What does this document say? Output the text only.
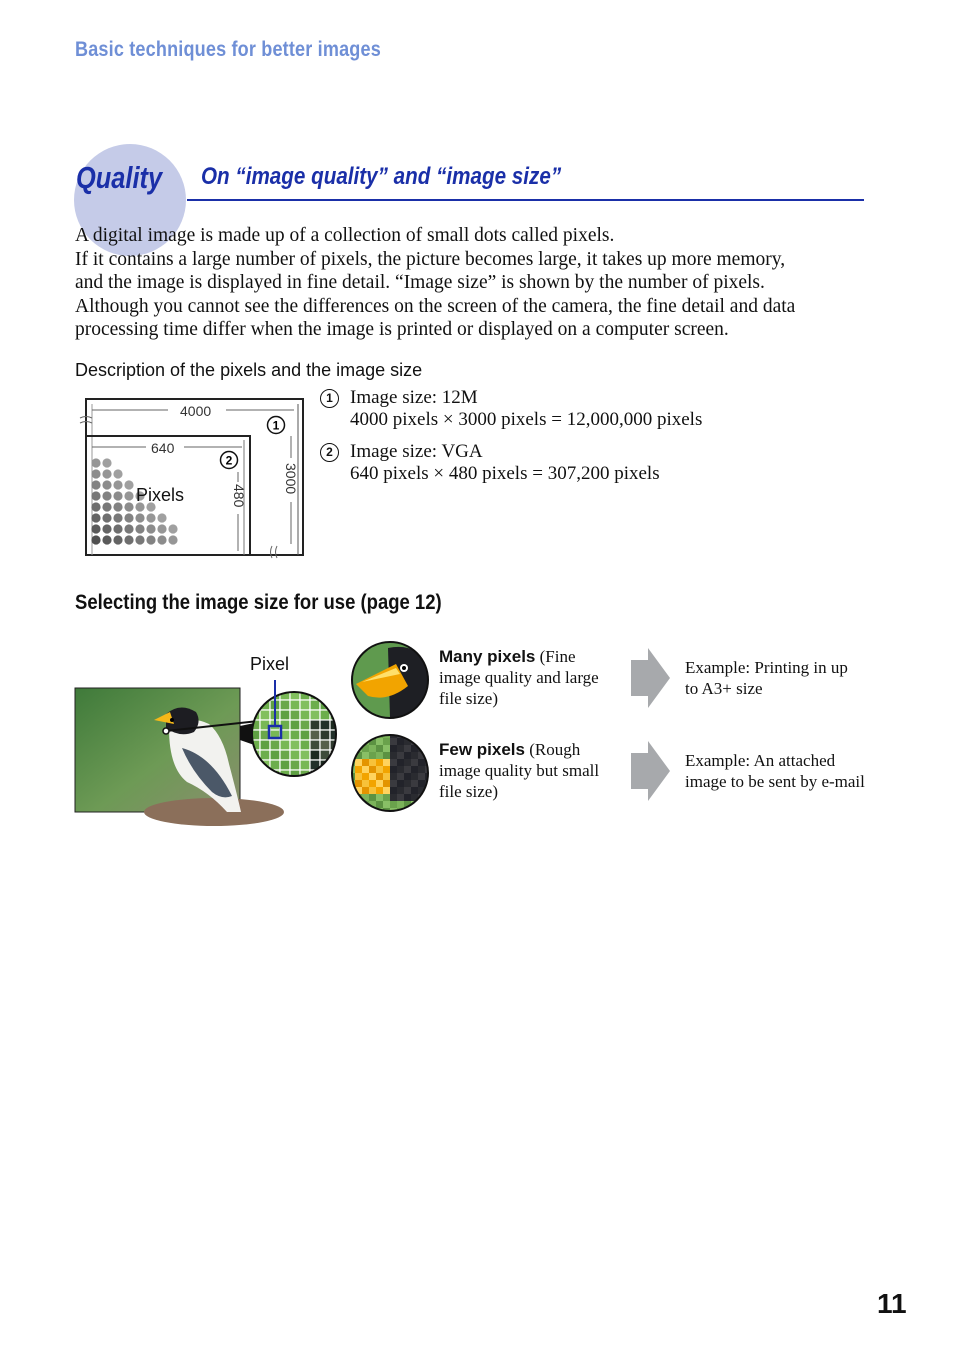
Basic techniques for better images
Quality On “image quality” and “image size”

A digital image is made up of a collection of small dots called pixels.

If it contains a large number of pixels, the picture becomes large, it takes up more memory,

and the image is displayed in fine detail. “Image size” is shown by the number of pixels.

Although you cannot see the differences on the screen of the camera, the fine detail and data

processing time differ when the image is printed or displayed on a computer screen.

Description of the pixels and the image size
4000
3000
1
640
480
2
Pixels
1 Image size: 12M

4000 pixels × 3000 pixels = 12,000,000 pixels

2 Image size: VGA

640 pixels × 480 pixels = 307,200 pixels

Selecting the image size for use (page 12)
Pixel	Many pixels (Fine image quality and large file size)
Few pixels (Rough image quality but small file size)
Example: Printing in up to A3+ size
Example: An attached image to be sent by e-mail
11
